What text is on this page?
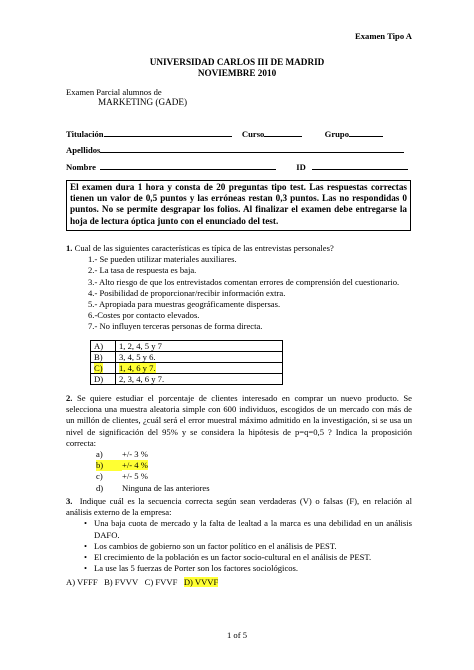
Examen Tipo A
UNIVERSIDAD CARLOS III DE MADRID
NOVIEMBRE 2010
Examen Parcial alumnos de
MARKETING (GADE)
Titulación	Curso	Grupo
Apellidos
Nombre	ID
El examen dura 1 hora y consta de 20 preguntas tipo test. Las respuestas correctas tienen un valor de 0,5 puntos y las erróneas restan 0,3 puntos. Las no respondidas 0 puntos. No se permite desgrapar los folios. Al finalizar el examen debe entregarse la hoja de lectura óptica junto con el enunciado del test.

1. Cual de las siguientes características es típica de las entrevistas personales?

1.- Se pueden utilizar materiales auxiliares.

2.- La tasa de respuesta es baja.

3.- Alto riesgo de que los entrevistados comentan errores de comprensión del cuestionario.

4.- Posibilidad de proporcionar/recibir información extra.

5.- Apropiada para muestras geográficamente dispersas.

6.-Costes por contacto elevados.

7.- No influyen terceras personas de forma directa.

A)	1, 2, 4, 5 y 7
B)	3, 4, 5 y 6.
C)	1, 4, 6 y 7.
D)	2, 3, 4, 6 y 7.

2. Se quiere estudiar el porcentaje de clientes interesado en comprar un nuevo producto. Se selecciona una muestra aleatoria simple con 600 individuos, escogidos de un mercado con más de un millón de clientes, ¿cuál será el error muestral máximo admitido en la investigación, si se usa un nivel de significación del 95% y se considera la hipótesis de p=q=0,5 ? Indica la proposición correcta:

a) +/- 3 %

b) +/- 4 %

c) +/- 5 %

d) Ninguna de las anteriores

3. Indique cuál es la secuencia correcta según sean verdaderas (V) o falsas (F), en relación al análisis externo de la empresa:

• Una baja cuota de mercado y la falta de lealtad a la marca es una debilidad en un análisis DAFO.

• Los cambios de gobierno son un factor político en el análisis de PEST.

• El crecimiento de la población es un factor socio-cultural en el análisis de PEST.

• La use las 5 fuerzas de Porter son los factores sociológicos.

A) VFFF B) FVVV C) FVVF D) VVVF
1 of 5
